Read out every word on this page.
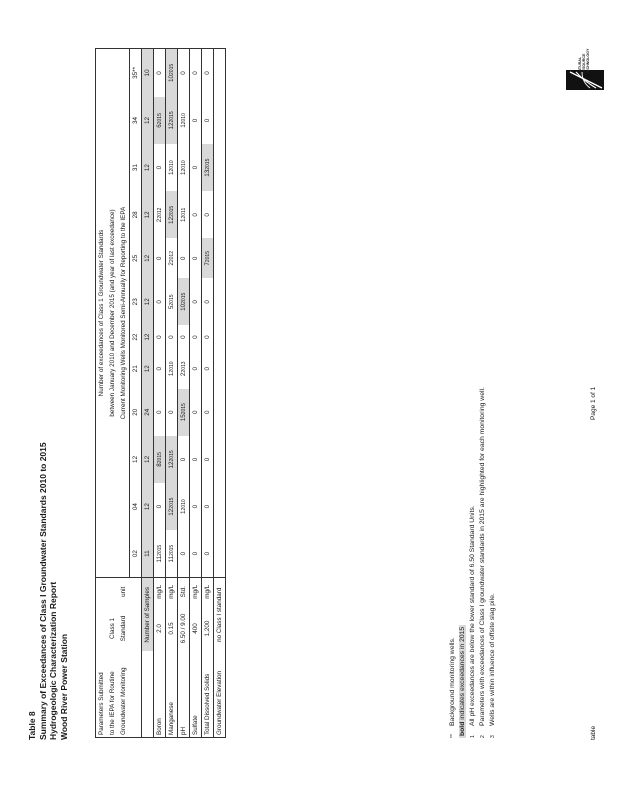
Table 8 Summary of Exceedances of Class I Groundwater Standards 2010 to 2015 Hydrogeologic Characterization Report Wood River Power Station
NATURAL RESOURCE TECHNOLOGY
Parameters Submitted			Number of exceedances of Class 1 Groundwater Standards											
to the IEPA for Routine	Class 1		between January 2010 and December 2015 (and year of last exceedance)											
Groundwater Monitoring	Standard	unit	Current Monitoring Wells Monitored Semi-Annually for Reporting to the IEPA											
			02	04	12	20	21	22	23	25	28	31	34	35**
	Number of Samples		11	12	12	24	12	12	12	12	12	12	12	10
Boron	2.0	mg/L	112015	0	82015	0	0	0	0	0	22012	0	62015	0
Manganese	0.15	mg/L	112015	122015	122015	0	12010	0	52015	22012	122015	12010	122015	102015
pH	6.50 / 9.00	Std.	0	12010	0	152015	22013	0	102015	0	12011	12010	12010	0
Sulfate	400	mg/L	0	0	0	0	0	0	0	0	0	0	0	0
Total Dissolved Solids	1,200	mg/L	0	0	0	0	0	0	0	72015	0	132015	0	0
Groundwater Elevation	no Class I standard													
**Background monitoring wells.
bold indicates exceedances in 2015
1All pH exceedances are below the lower standard of 6.50 Standard Units.
2Parameters with exceedances of Class I groundwater standards in 2015 are highlighted for each monitoring well.
3Wells are within influence of offsite slag pile.
table
Page 1 of 1
